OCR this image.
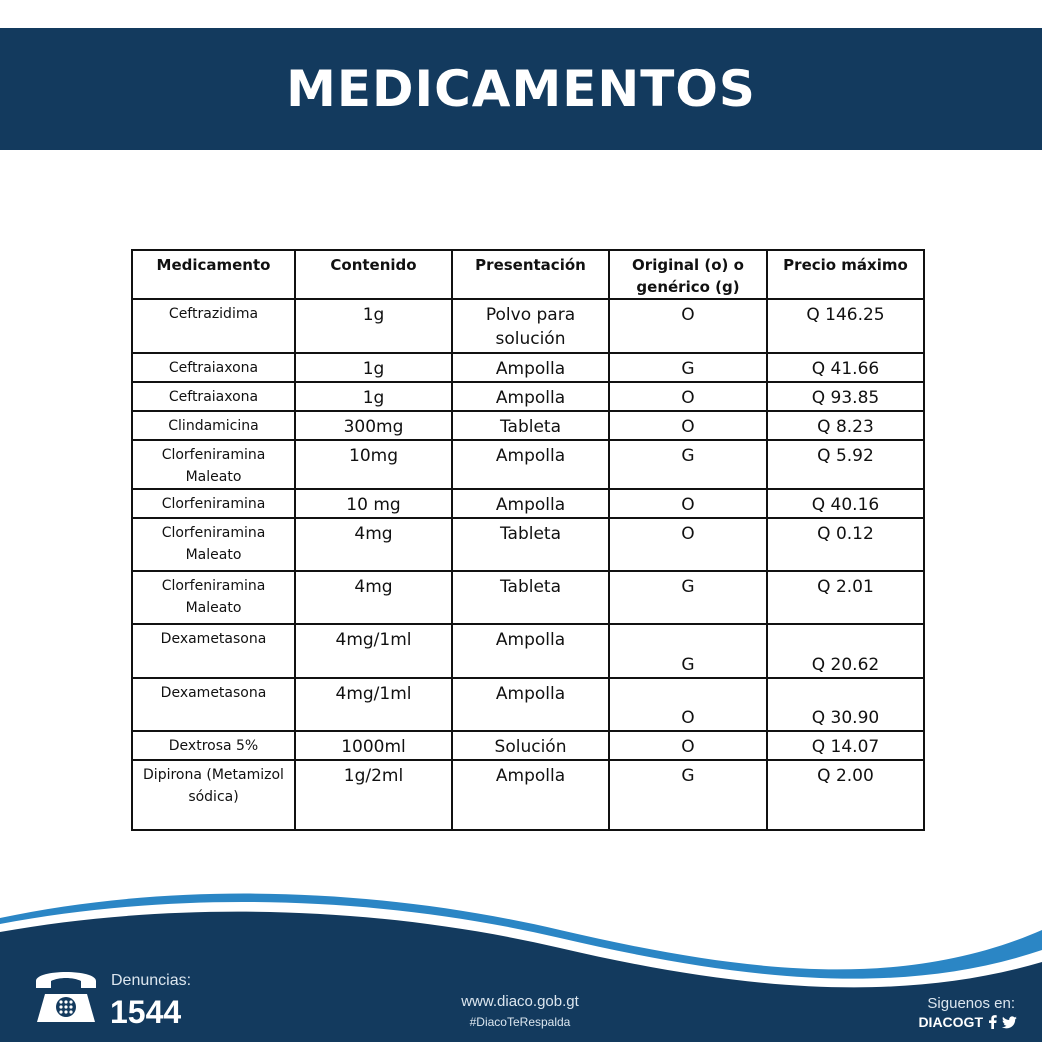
MEDICAMENTOS
Medicamento	Contenido	Presentación	Original (o) o genérico (g)	Precio máximo
Ceftrazidima	1g	Polvo para solución	O	Q 146.25
Ceftraiaxona	1g	Ampolla	G	Q 41.66
Ceftraiaxona	1g	Ampolla	O	Q 93.85
Clindamicina	300mg	Tableta	O	Q 8.23
Clorfeniramina Maleato	10mg	Ampolla	G	Q 5.92
Clorfeniramina	10 mg	Ampolla	O	Q 40.16
Clorfeniramina Maleato	4mg	Tableta	O	Q 0.12
Clorfeniramina Maleato	4mg	Tableta	G	Q 2.01
Dexametasona	4mg/1ml	Ampolla	G	Q 20.62
Dexametasona	4mg/1ml	Ampolla	O	Q 30.90
Dextrosa 5%	1000ml	Solución	O	Q 14.07
Dipirona (Metamizol sódica)	1g/2ml	Ampolla	G	Q 2.00
Denuncias:
1544	www.diaco.gob.gt
#DiacoTeRespalda
Siguenos en:
DIACOGT
